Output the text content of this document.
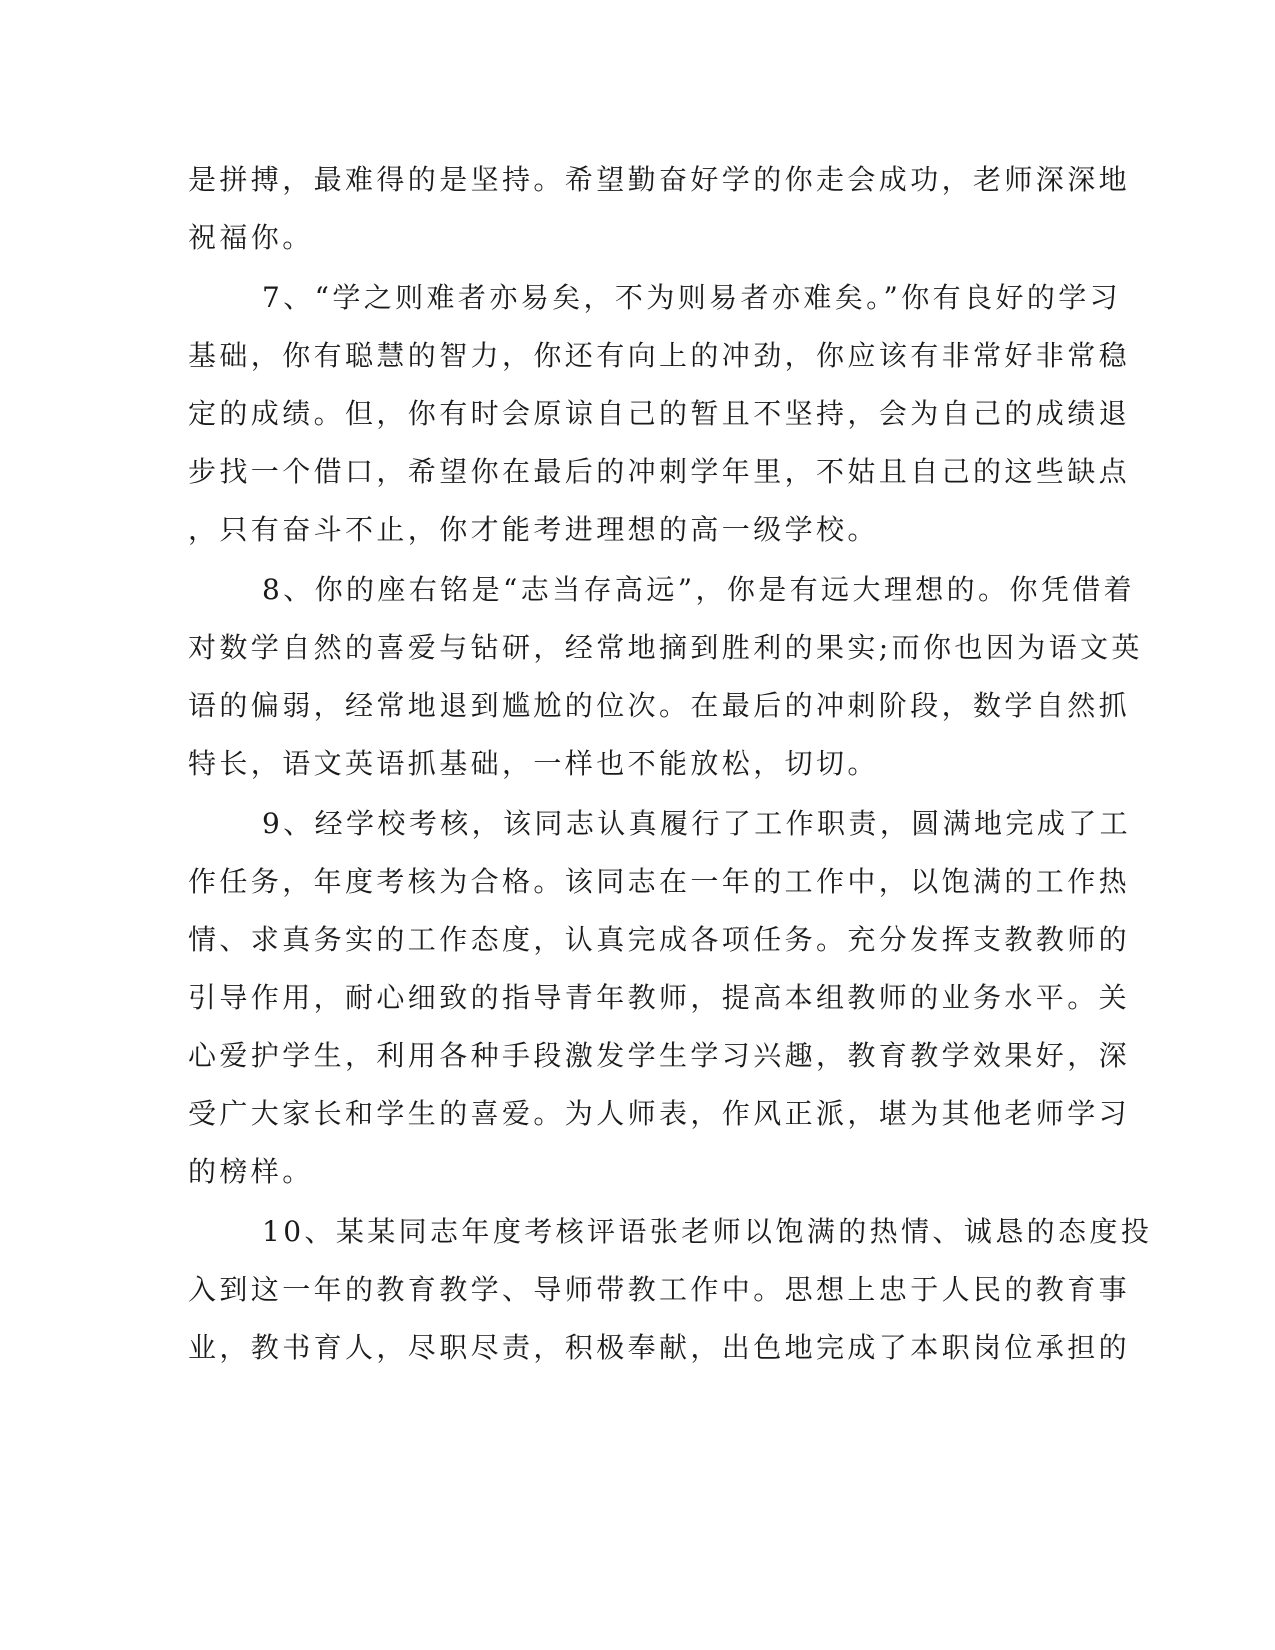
是拼搏，最难得的是坚持。希望勤奋好学的你走会成功，老师深深地
祝福你。
7、“学之则难者亦易矣，不为则易者亦难矣。”你有良好的学习
基础，你有聪慧的智力，你还有向上的冲劲，你应该有非常好非常稳
定的成绩。但，你有时会原谅自己的暂且不坚持，会为自己的成绩退
步找一个借口，希望你在最后的冲刺学年里，不姑且自己的这些缺点
，只有奋斗不止，你才能考进理想的高一级学校。
8、你的座右铭是“志当存高远”，你是有远大理想的。你凭借着
对数学自然的喜爱与钻研，经常地摘到胜利的果实;而你也因为语文英
语的偏弱，经常地退到尴尬的位次。在最后的冲刺阶段，数学自然抓
特长，语文英语抓基础，一样也不能放松，切切。
9、经学校考核，该同志认真履行了工作职责，圆满地完成了工
作任务，年度考核为合格。该同志在一年的工作中，以饱满的工作热
情、求真务实的工作态度，认真完成各项任务。充分发挥支教教师的
引导作用，耐心细致的指导青年教师，提高本组教师的业务水平。关
心爱护学生，利用各种手段激发学生学习兴趣，教育教学效果好，深
受广大家长和学生的喜爱。为人师表，作风正派，堪为其他老师学习
的榜样。
10、某某同志年度考核评语张老师以饱满的热情、诚恳的态度投
入到这一年的教育教学、导师带教工作中。思想上忠于人民的教育事
业，教书育人，尽职尽责，积极奉献，出色地完成了本职岗位承担的
